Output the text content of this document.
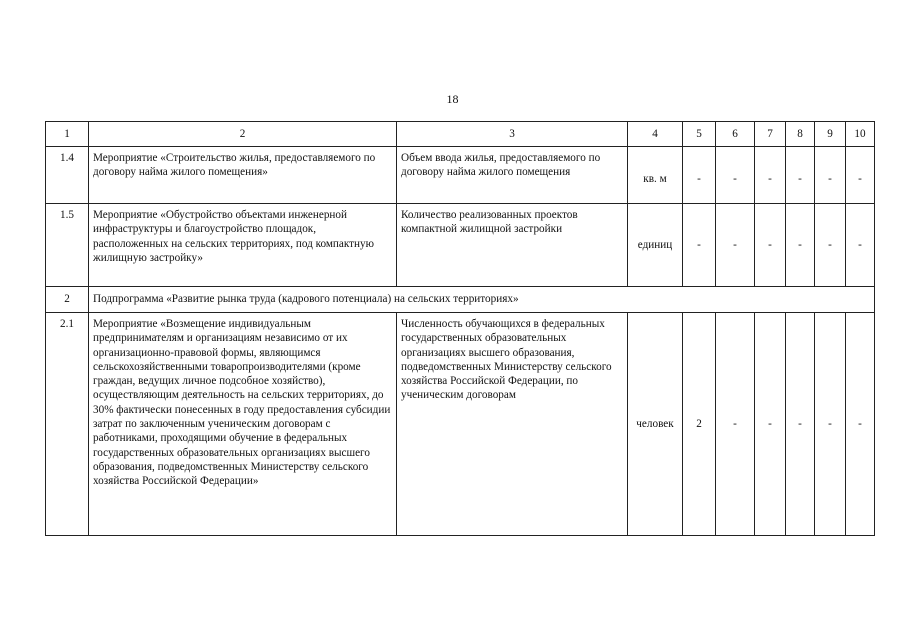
18
1	2	3	4	5	6	7	8	9	10
1.4	Мероприятие «Строительство жилья, предоставляемого по договору найма жилого помещения»	Объем ввода жилья, предоставляемого по договору найма жилого помещения	кв. м	-	-	-	-	-	-
1.5	Мероприятие «Обустройство объектами инженерной инфраструктуры и благоустройство площадок, расположенных на сельских территориях, под компактную жилищную застройку»	Количество реализованных проектов компактной жилищной застройки	единиц	-	-	-	-	-	-
2	Подпрограмма «Развитие рынка труда (кадрового потенциала) на сельских территориях»								
2.1	Мероприятие «Возмещение индивидуальным предпринимателям и организациям независимо от их организационно-правовой формы, являющимся сельскохозяйственными товаропроизводителями (кроме граждан, ведущих личное подсобное хозяйство), осуществляющим деятельность на сельских территориях, до 30% фактически понесенных в году предоставления субсидии затрат по заключенным ученическим договорам с работниками, проходящими обучение в федеральных государственных образовательных организациях высшего образования, подведомственных Министерству сельского хозяйства Российской Федерации»	Численность обучающихся в федеральных государственных образовательных организациях высшего образования, подведомственных Министерству сельского хозяйства Российской Федерации, по ученическим договорам	человек	2	-	-	-	-	-
